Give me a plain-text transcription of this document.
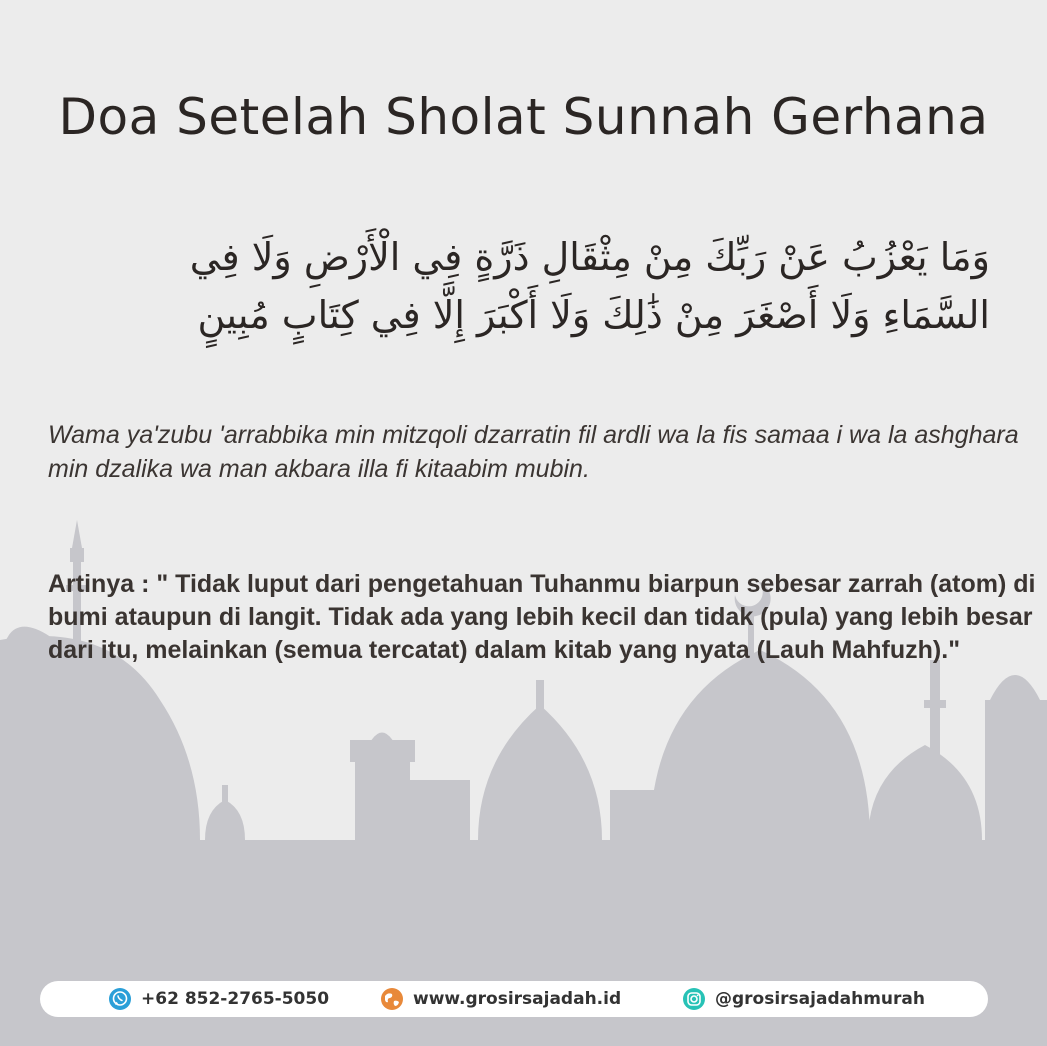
Doa Setelah Sholat Sunnah Gerhana
وَمَا يَعْزُبُ عَنْ رَبِّكَ مِنْ مِثْقَالِ ذَرَّةٍ فِي الْأَرْضِ وَلَا فِي السَّمَاءِ وَلَا أَصْغَرَ مِنْ ذَٰلِكَ وَلَا أَكْبَرَ إِلَّا فِي كِتَابٍ مُبِينٍ
Wama ya'zubu 'arrabbika min mitzqoli dzarratin fil ardli wa la fis samaa i wa la ashghara min dzalika wa man akbara illa fi kitaabim mubin.
Artinya : " Tidak luput dari pengetahuan Tuhanmu biarpun sebesar zarrah (atom) di bumi ataupun di langit. Tidak ada yang lebih kecil dan tidak (pula) yang lebih besar dari itu, melainkan (semua tercatat) dalam kitab yang nyata (Lauh Mahfuzh)."
+62 852-2765-5050	www.grosirsajadah.id	@grosirsajadahmurah
